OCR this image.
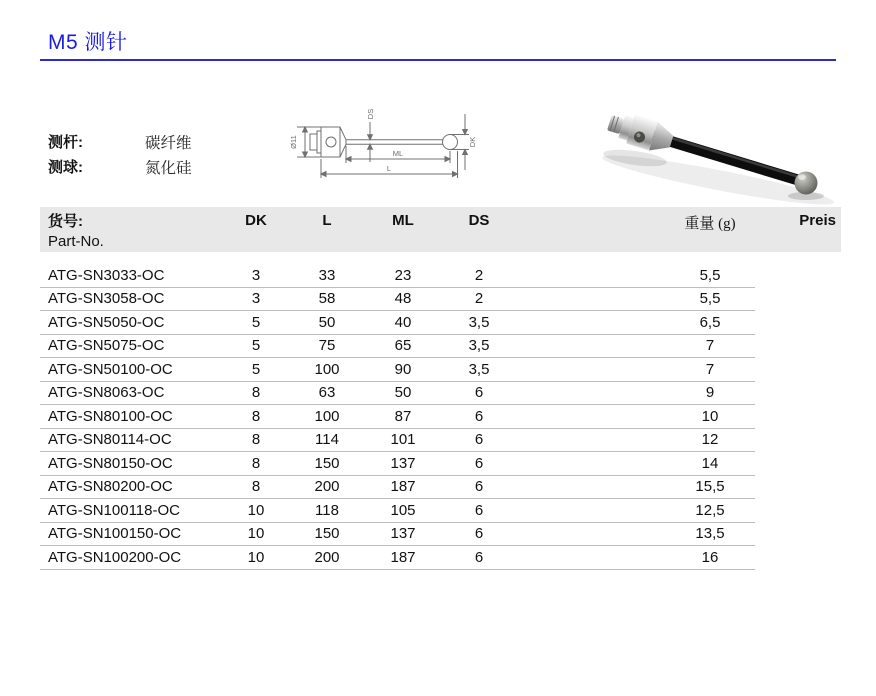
M5 测针
测杆:	碳纤维
测球:	氮化硅
Ø11
DS
DK
ML
L
货号:
Part-No.
DK	L	ML	DS	重量 (g)	Preis
ATG-SN3033-OC	3	33	23	2	5,5
ATG-SN3058-OC	3	58	48	2	5,5
ATG-SN5050-OC	5	50	40	3,5	6,5
ATG-SN5075-OC	5	75	65	3,5	7
ATG-SN50100-OC	5	100	90	3,5	7
ATG-SN8063-OC	8	63	50	6	9
ATG-SN80100-OC	8	100	87	6	10
ATG-SN80114-OC	8	114	101	6	12
ATG-SN80150-OC	8	150	137	6	14
ATG-SN80200-OC	8	200	187	6	15,5
ATG-SN100118-OC	10	118	105	6	12,5
ATG-SN100150-OC	10	150	137	6	13,5
ATG-SN100200-OC	10	200	187	6	16
